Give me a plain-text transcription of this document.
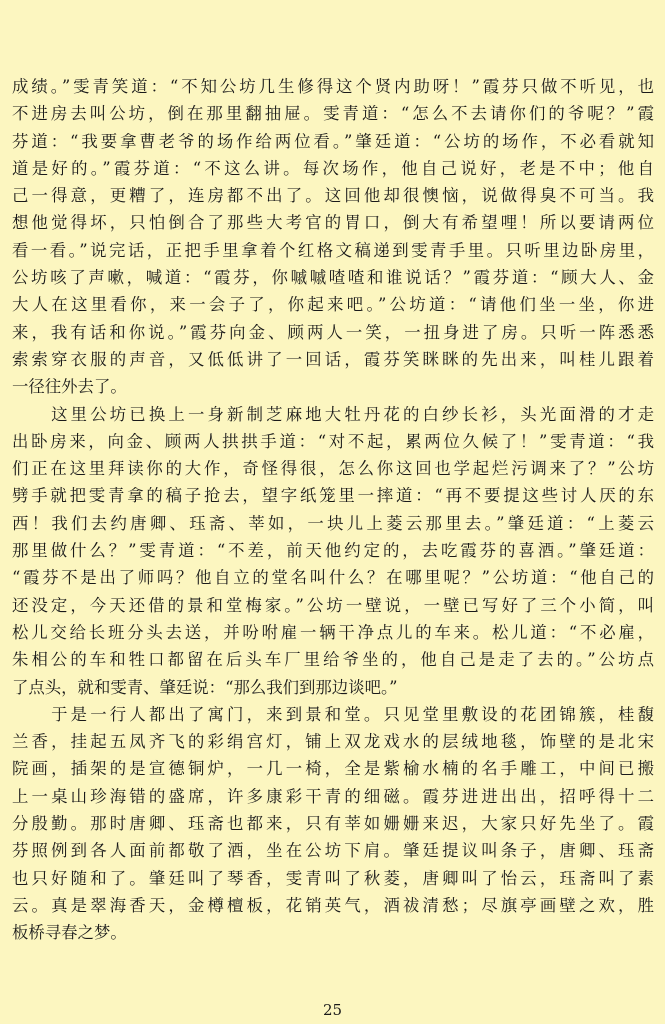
成绩。”雯青笑道：“不知公坊几生修得这个贤内助呀！”霞芬只做不听见，也
不进房去叫公坊，倒在那里翻抽屉。雯青道：“怎么不去请你们的爷呢？”霞
芬道：“我要拿曹老爷的场作给两位看。”肇廷道：“公坊的场作，不必看就知
道是好的。”霞芬道：“不这么讲。每次场作，他自己说好，老是不中；他自
己一得意，更糟了，连房都不出了。这回他却很懊恼，说做得臭不可当。我
想他觉得坏，只怕倒合了那些大考官的胃口，倒大有希望哩！所以要请两位
看一看。”说完话，正把手里拿着个红格文稿递到雯青手里。只听里边卧房里，
公坊咳了声嗽，喊道：“霞芬，你嘁嘁喳喳和谁说话？”霞芬道：“顾大人、金
大人在这里看你，来一会子了，你起来吧。”公坊道：“请他们坐一坐，你进
来，我有话和你说。”霞芬向金、顾两人一笑，一扭身进了房。只听一阵悉悉
索索穿衣服的声音，又低低讲了一回话，霞芬笑眯眯的先出来，叫桂儿跟着
一径往外去了。
　　这里公坊已换上一身新制芝麻地大牡丹花的白纱长衫，头光面滑的才走
出卧房来，向金、顾两人拱拱手道：“对不起，累两位久候了！”雯青道：“我
们正在这里拜读你的大作，奇怪得很，怎么你这回也学起烂污调来了？”公坊
劈手就把雯青拿的稿子抢去，望字纸笼里一摔道：“再不要提这些讨人厌的东
西！我们去约唐卿、珏斋、莘如，一块儿上菱云那里去。”肇廷道：“上菱云
那里做什么？”雯青道：“不差，前天他约定的，去吃霞芬的喜酒。”肇廷道：
“霞芬不是出了师吗？他自立的堂名叫什么？在哪里呢？”公坊道：“他自己的
还没定，今天还借的景和堂梅家。”公坊一壁说，一壁已写好了三个小简，叫
松儿交给长班分头去送，并吩咐雇一辆干净点儿的车来。松儿道：“不必雇，
朱相公的车和牲口都留在后头车厂里给爷坐的，他自己是走了去的。”公坊点
了点头，就和雯青、肇廷说：“那么我们到那边谈吧。”
　　于是一行人都出了寓门，来到景和堂。只见堂里敷设的花团锦簇，桂馥
兰香，挂起五凤齐飞的彩绢宫灯，铺上双龙戏水的层绒地毯，饰壁的是北宋
院画，插架的是宣德铜炉，一几一椅，全是紫榆水楠的名手雕工，中间已搬
上一桌山珍海错的盛席，许多康彩干青的细磁。霞芬进进出出，招呼得十二
分殷勤。那时唐卿、珏斋也都来，只有莘如姗姗来迟，大家只好先坐了。霞
芬照例到各人面前都敬了酒，坐在公坊下肩。肇廷提议叫条子，唐卿、珏斋
也只好随和了。肇廷叫了琴香，雯青叫了秋菱，唐卿叫了怡云，珏斋叫了素
云。真是翠海香天，金樽檀板，花销英气，酒祓清愁；尽旗亭画壁之欢，胜
板桥寻春之梦。
25
